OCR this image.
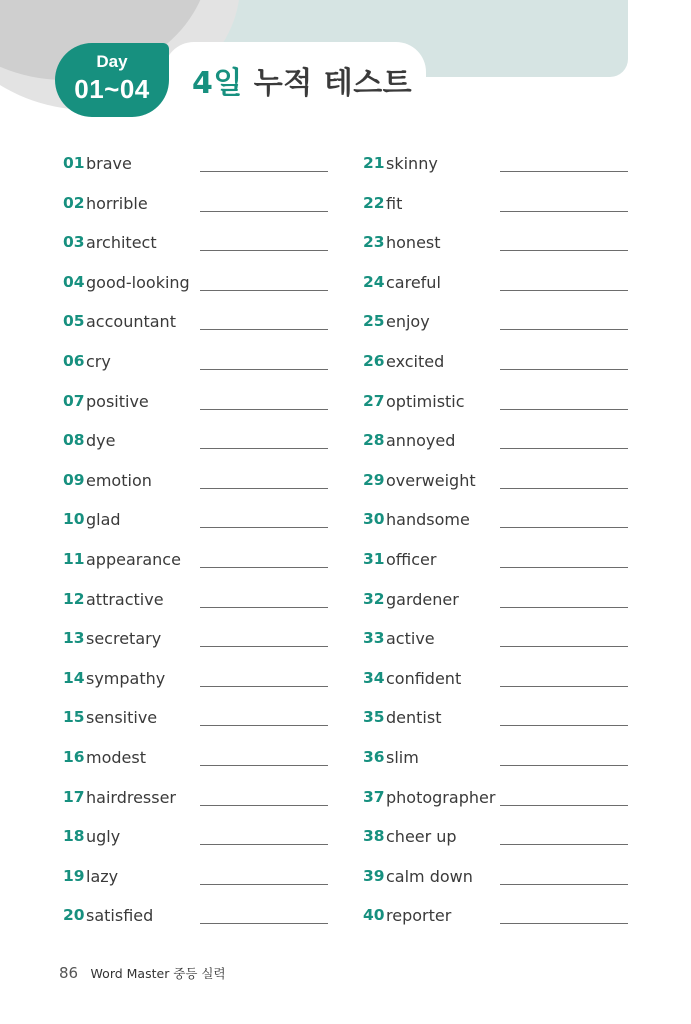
4일 누적 테스트
Day
01~04
01 brave
02 horrible
03 architect
04 good-looking
05 accountant
06 cry
07 positive
08 dye
09 emotion
10 glad
11 appearance
12 attractive
13 secretary
14 sympathy
15 sensitive
16 modest
17 hairdresser
18 ugly
19 lazy
20 satisfied
21 skinny
22 fit
23 honest
24 careful
25 enjoy
26 excited
27 optimistic
28 annoyed
29 overweight
30 handsome
31 officer
32 gardener
33 active
34 confident
35 dentist
36 slim
37 photographer
38 cheer up
39 calm down
40 reporter
86 Word Master 중등 실력
